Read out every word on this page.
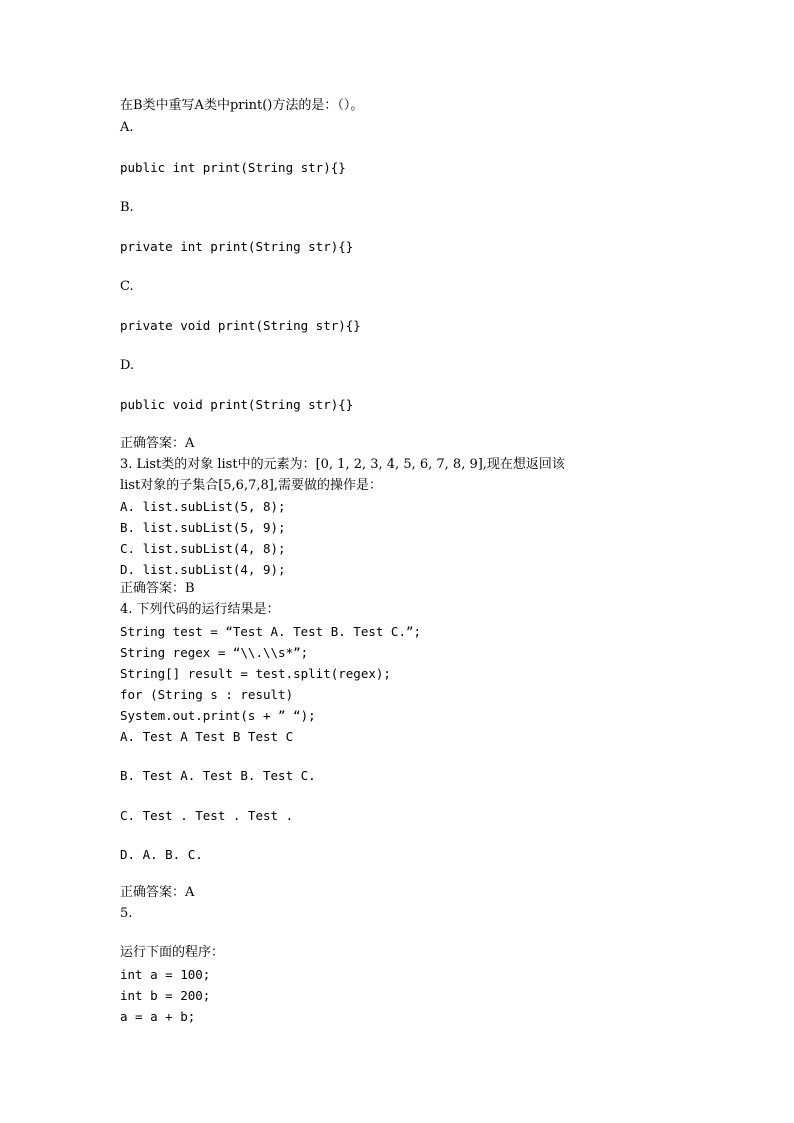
在B类中重写A类中print()方法的是：（）。
A.
public int print(String str){}
B.
private int print(String str){}
C.
private void print(String str){}
D.
public void print(String str){}
正确答案：A
3. List类的对象 list中的元素为：[0, 1, 2, 3, 4, 5, 6, 7, 8, 9],现在想返回该
list对象的子集合[5,6,7,8],需要做的操作是：
A. list.subList(5, 8);
B. list.subList(5, 9);
C. list.subList(4, 8);
D. list.subList(4, 9);
正确答案：B
4. 下列代码的运行结果是：
String test = “Test A. Test B. Test C.”;
String regex = “\\.\\s*”;
String[] result = test.split(regex);
for (String s : result)
System.out.print(s + ” “);
A. Test A Test B Test C
B. Test A. Test B. Test C.
C. Test . Test . Test .
D. A. B. C.
正确答案：A
5.
运行下面的程序：
int a = 100;
int b = 200;
a = a + b;
